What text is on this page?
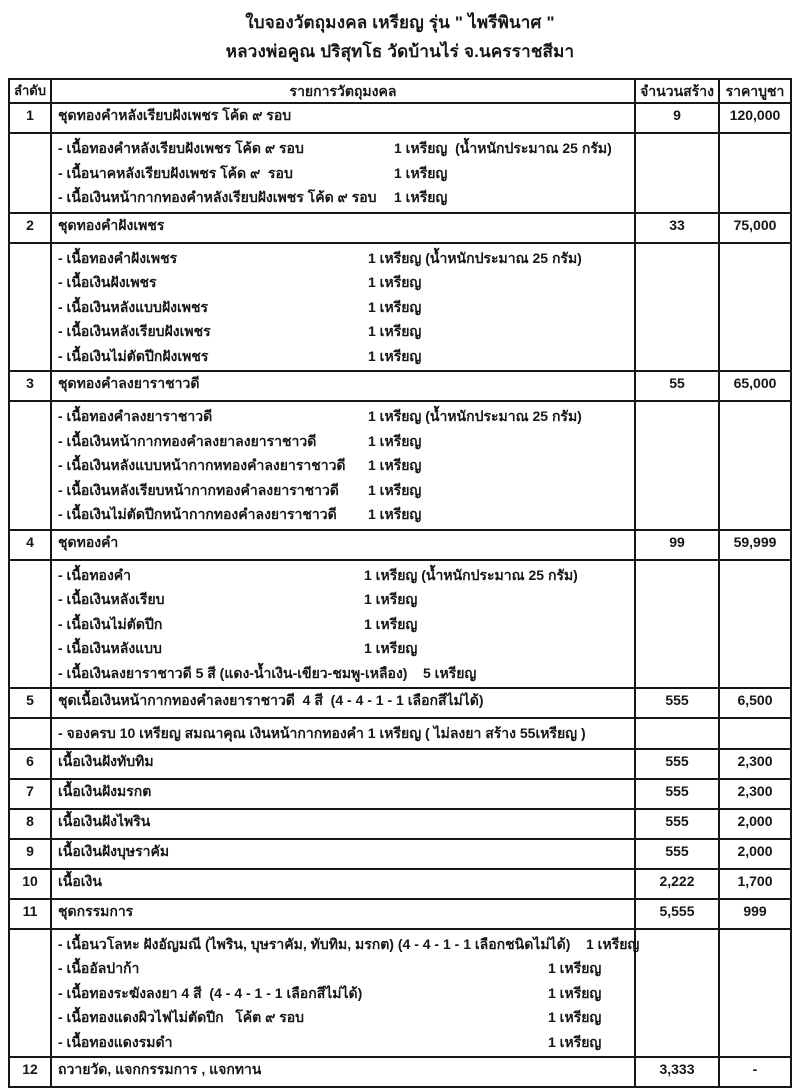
ใบจองวัตถุมงคล เหรียญ รุ่น " ไพรีพินาศ "
หลวงพ่อคูณ ปริสุทโธ วัดบ้านไร่ จ.นครราชสีมา
ลำดับ	รายการวัตถุมงคล	จำนวนสร้าง ราคาบูชา
1	ชุดทองคำหลังเรียบฝังเพชร โค้ด ๙ รอบ	9	120,000
- เนื้อทองคำหลังเรียบฝังเพชร โค้ด ๙ รอบ	1 เหรียญ  (น้ำหนักประมาณ 25 กรัม)
- เนื้อนาคหลังเรียบฝังเพชร โค้ด ๙  รอบ	1 เหรียญ
- เนื้อเงินหน้ากากทองคำหลังเรียบฝังเพชร โค้ด ๙ รอบ 1 เหรียญ
2	ชุดทองคำฝังเพชร	33	75,000
- เนื้อทองคำฝังเพชร	1 เหรียญ (น้ำหนักประมาณ 25 กรัม)
- เนื้อเงินฝังเพชร	1 เหรียญ
- เนื้อเงินหลังแบบฝังเพชร	1 เหรียญ
- เนื้อเงินหลังเรียบฝังเพชร	1 เหรียญ
- เนื้อเงินไม่ตัดปีกฝังเพชร	1 เหรียญ
3	ชุดทองคำลงยาราชาวดี	55	65,000
- เนื้อทองคำลงยาราชาวดี	1 เหรียญ (น้ำหนักประมาณ 25 กรัม)
- เนื้อเงินหน้ากากทองคำลงยาลงยาราชาวดี	1 เหรียญ
- เนื้อเงินหลังแบบหน้ากากหทองคำลงยาราชาวดี 1 เหรียญ
- เนื้อเงินหลังเรียบหน้ากากทองคำลงยาราชาวดี 1 เหรียญ
- เนื้อเงินไม่ตัดปีกหน้ากากทองคำลงยาราชาวดี 1 เหรียญ
4	ชุดทองคำ	99	59,999
- เนื้อทองคำ	1 เหรียญ (น้ำหนักประมาณ 25 กรัม)
- เนื้อเงินหลังเรียบ	1 เหรียญ
- เนื้อเงินไม่ตัดปีก	1 เหรียญ
- เนื้อเงินหลังแบบ	1 เหรียญ
- เนื้อเงินลงยาราชาวดี 5 สี (แดง-น้ำเงิน-เขียว-ชมพู-เหลือง) 5 เหรียญ
5	ชุดเนื้อเงินหน้ากากทองคำลงยาราชาวดี  4 สี  (4 - 4 - 1 - 1 เลือกสีไม่ได้)	555	6,500
- จองครบ 10 เหรียญ สมณาคุณ เงินหน้ากากทองคำ 1 เหรียญ ( ไม่ลงยา สร้าง 55เหรียญ )
6	เนื้อเงินฝังทับทิม	555	2,300
7	เนื้อเงินฝังมรกต	555	2,300
8	เนื้อเงินฝังไพริน	555	2,000
9	เนื้อเงินฝังบุษราคัม	555	2,000
10	เนื้อเงิน	2,222	1,700
11	ชุดกรรมการ	5,555	999
- เนื้อนวโลหะ ฝังอัญมณี (ไพริน, บุษราคัม, ทับทิม, มรกต) (4 - 4 - 1 - 1 เลือกชนิดไม่ได้) 1 เหรียญ
- เนื้ออัลปาก้า	1 เหรียญ
- เนื้อทองระฆังลงยา 4 สี  (4 - 4 - 1 - 1 เลือกสีไม่ได้)	1 เหรียญ
- เนื้อทองแดงผิวไฟไม่ตัดปีก   โค้ต ๙ รอบ	1 เหรียญ
- เนื้อทองแดงรมดำ	1 เหรียญ
12	ถวายวัด, แจกกรรมการ , แจกทาน	3,333	-
